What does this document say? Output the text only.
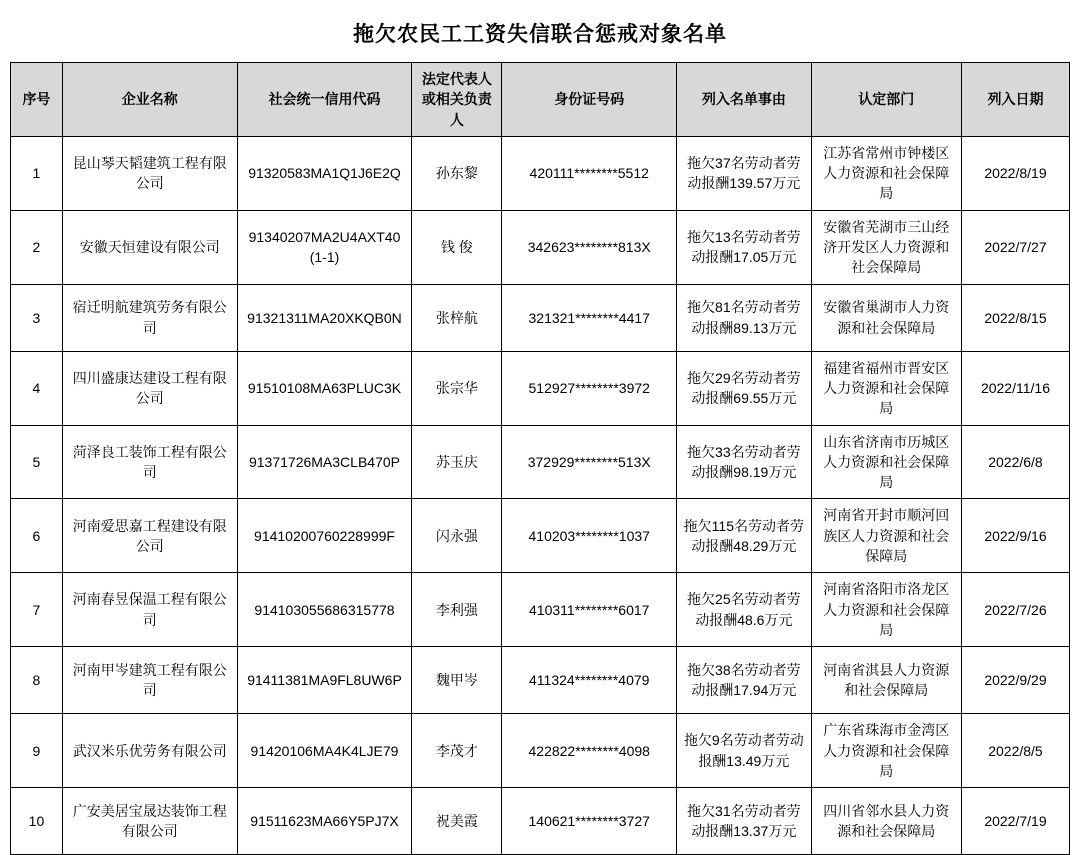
拖欠农民工工资失信联合惩戒对象名单
序号	企业名称	社会统一信用代码	法定代表人或相关负责人	身份证号码	列入名单事由	认定部门	列入日期
1	昆山琴天韬建筑工程有限公司	91320583MA1Q1J6E2Q	孙东黎	420111********5512	拖欠37名劳动者劳动报酬139.57万元	江苏省常州市钟楼区人力资源和社会保障局	2022/8/19
2	安徽天恒建设有限公司	91340207MA2U4AXT40(1-1)	钱 俊	342623********813X	拖欠13名劳动者劳动报酬17.05万元	安徽省芜湖市三山经济开发区人力资源和社会保障局	2022/7/27
3	宿迁明航建筑劳务有限公司	91321311MA20XKQB0N	张梓航	321321********4417	拖欠81名劳动者劳动报酬89.13万元	安徽省巢湖市人力资源和社会保障局	2022/8/15
4	四川盛康达建设工程有限公司	91510108MA63PLUC3K	张宗华	512927********3972	拖欠29名劳动者劳动报酬69.55万元	福建省福州市晋安区人力资源和社会保障局	2022/11/16
5	菏泽良工装饰工程有限公司	91371726MA3CLB470P	苏玉庆	372929********513X	拖欠33名劳动者劳动报酬98.19万元	山东省济南市历城区人力资源和社会保障局	2022/6/8
6	河南爱思嘉工程建设有限公司	91410200760228999F	闪永强	410203********1037	拖欠115名劳动者劳动报酬48.29万元	河南省开封市顺河回族区人力资源和社会保障局	2022/9/16
7	河南春昱保温工程有限公司	914103055686315778	李利强	410311********6017	拖欠25名劳动者劳动报酬48.6万元	河南省洛阳市洛龙区人力资源和社会保障局	2022/7/26
8	河南甲岑建筑工程有限公司	91411381MA9FL8UW6P	魏甲岑	411324********4079	拖欠38名劳动者劳动报酬17.94万元	河南省淇县人力资源和社会保障局	2022/9/29
9	武汉米乐优劳务有限公司	91420106MA4K4LJE79	李茂才	422822********4098	拖欠9名劳动者劳动报酬13.49万元	广东省珠海市金湾区人力资源和社会保障局	2022/8/5
10	广安美居宝晟达装饰工程有限公司	91511623MA66Y5PJ7X	祝美霞	140621********3727	拖欠31名劳动者劳动报酬13.37万元	四川省邻水县人力资源和社会保障局	2022/7/19
